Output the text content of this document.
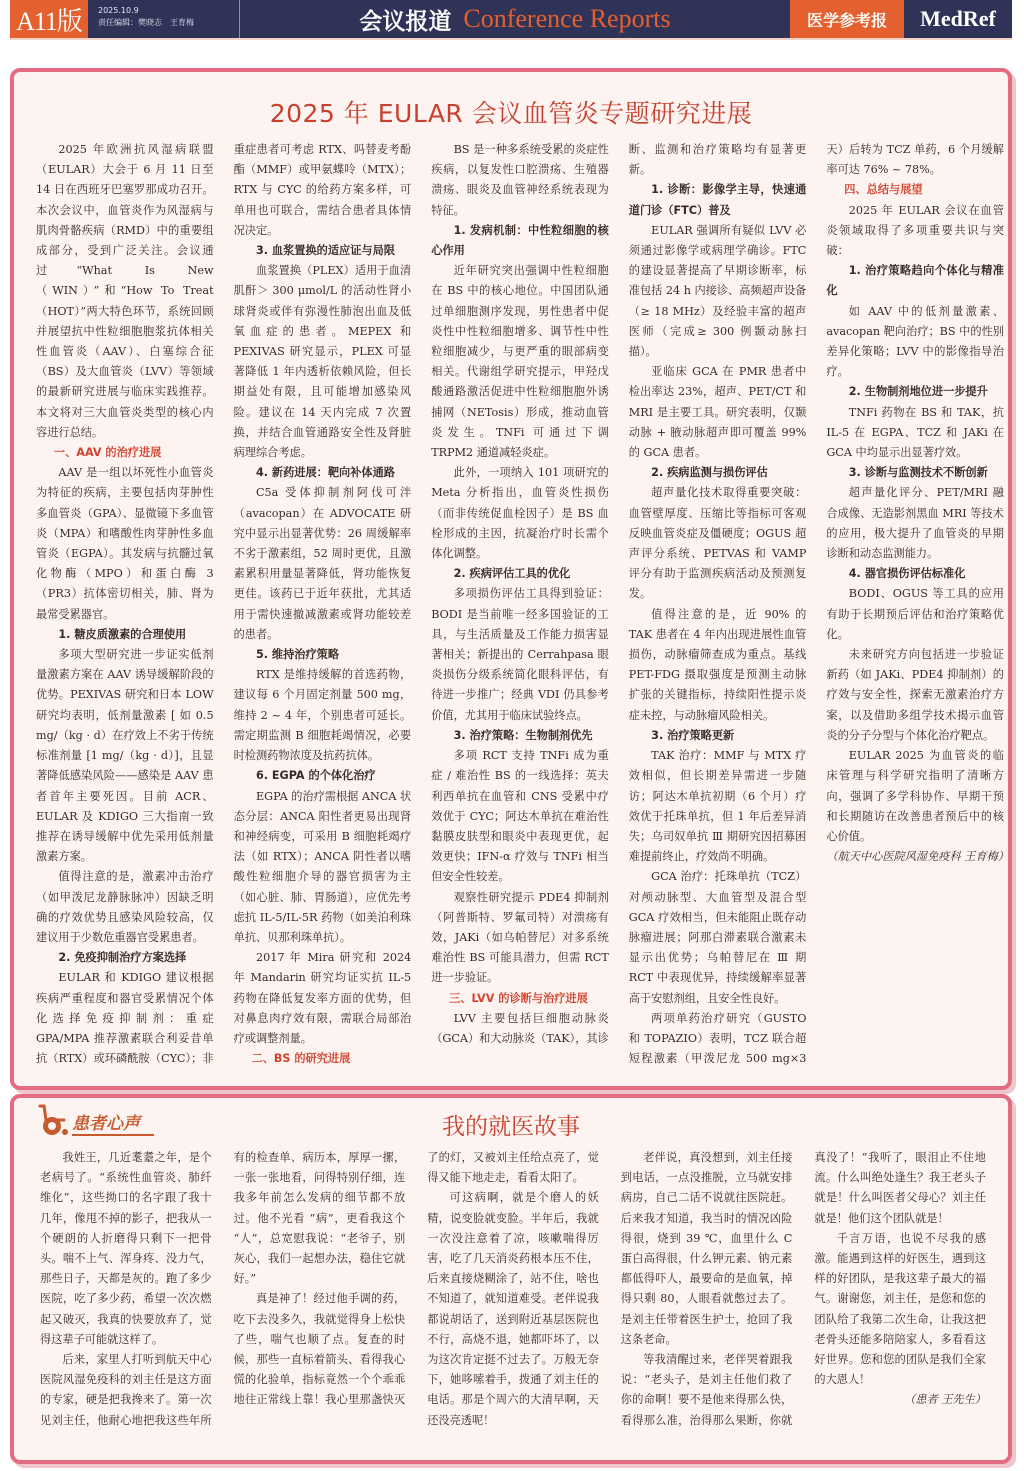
A11版	2025.10.9
责任编辑：樊晓志　王育梅	会议报道 Conference Reports	医学参考报	MedRef
2025 年 EULAR 会议血管炎专题研究进展

2025 年欧洲抗风湿病联盟（EULAR）大会于 6 月 11 日至 14 日在西班牙巴塞罗那成功召开。本次会议中，血管炎作为风湿病与肌肉骨骼疾病（RMD）中的重要组成部分，受到广泛关注。会议通过“What Is New（WIN）”和“How To Treat（HOT）”两大特色环节，系统回顾并展望抗中性粒细胞胞浆抗体相关性血管炎（AAV）、白塞综合征（BS）及大血管炎（LVV）等领域的最新研究进展与临床实践推荐。本文将对三大血管炎类型的核心内容进行总结。

一、AAV 的治疗进展

AAV 是一组以坏死性小血管炎为特征的疾病，主要包括肉芽肿性多血管炎（GPA）、显微镜下多血管炎（MPA）和嗜酸性肉芽肿性多血管炎（EGPA）。其发病与抗髓过氧化物酶（MPO）和蛋白酶 3（PR3）抗体密切相关，肺、肾为最常受累器官。

1. 糖皮质激素的合理使用

多项大型研究进一步证实低剂量激素方案在 AAV 诱导缓解阶段的优势。PEXIVAS 研究和日本 LOW 研究均表明，低剂量激素 [ 如 0.5 mg/（kg · d）在疗效上不劣于传统标准剂量 [1 mg/（kg · d）]，且显著降低感染风险——感染是 AAV 患者首年主要死因。目前 ACR、EULAR 及 KDIGO 三大指南一致推荐在诱导缓解中优先采用低剂量激素方案。

值得注意的是，激素冲击治疗（如甲泼尼龙静脉脉冲）因缺乏明确的疗效优势且感染风险较高，仅建议用于少数危重器官受累患者。

2. 免疫抑制治疗方案选择

EULAR 和 KDIGO 建议根据疾病严重程度和器官受累情况个体化选择免疫抑制剂：重症 GPA/MPA 推荐激素联合利妥昔单抗（RTX）或环磷酰胺（CYC）；非重症患者可考虑 RTX、吗替麦考酚酯（MMF）或甲氨蝶呤（MTX）；RTX 与 CYC 的给药方案多样，可单用也可联合，需结合患者具体情况决定。

3. 血浆置换的适应证与局限

血浆置换（PLEX）适用于血清肌酐＞ 300 μmol/L 的活动性肾小球肾炎或伴有弥漫性肺泡出血及低氧血症的患者。MEPEX 和 PEXIVAS 研究显示，PLEX 可显著降低 1 年内透析依赖风险，但长期益处有限，且可能增加感染风险。建议在 14 天内完成 7 次置换，并结合血管通路安全性及肾脏病理综合考虑。

4. 新药进展：靶向补体通路

C5a 受体抑制剂阿伐可泮（avacopan）在 ADVOCATE 研究中显示出显著优势：26 周缓解率不劣于激素组，52 周时更优，且激素累积用量显著降低，肾功能恢复更佳。该药已于近年获批，尤其适用于需快速撤减激素或肾功能较差的患者。

5. 维持治疗策略

RTX 是维持缓解的首选药物，建议每 6 个月固定剂量 500 mg，维持 2 ~ 4 年，个别患者可延长。需定期监测 B 细胞耗竭情况，必要时检测药物浓度及抗药抗体。

6. EGPA 的个体化治疗

EGPA 的治疗需根据 ANCA 状态分层：ANCA 阳性者更易出现肾和神经病变，可采用 B 细胞耗竭疗法（如 RTX）；ANCA 阴性者以嗜酸性粒细胞介导的器官损害为主（如心脏、肺、胃肠道），应优先考虑抗 IL-5/IL-5R 药物（如美泊利珠单抗、贝那利珠单抗）。

2017 年 Mira 研究和 2024 年 Mandarin 研究均证实抗 IL-5 药物在降低复发率方面的优势，但对鼻息肉疗效有限，需联合局部治疗或调整剂量。

二、BS 的研究进展

BS 是一种多系统受累的炎症性疾病，以复发性口腔溃疡、生殖器溃疡、眼炎及血管神经系统表现为特征。

1. 发病机制：中性粒细胞的核心作用

近年研究突出强调中性粒细胞在 BS 中的核心地位。中国团队通过单细胞测序发现，男性患者中促炎性中性粒细胞增多、调节性中性粒细胞减少，与更严重的眼部病变相关。代谢组学研究提示，甲羟戊酸通路激活促进中性粒细胞胞外诱捕网（NETosis）形成，推动血管炎发生。TNFi 可通过下调 TRPM2 通道减轻炎症。

此外，一项纳入 101 项研究的 Meta 分析指出，血管炎性损伤（而非传统促血栓因子）是 BS 血栓形成的主因，抗凝治疗时长需个体化调整。

2. 疾病评估工具的优化

多项损伤评估工具得到验证：BODI 是当前唯一经多国验证的工具，与生活质量及工作能力损害显著相关；新提出的 Cerrahpasa 眼炎损伤分级系统简化眼科评估，有待进一步推广；经典 VDI 仍具参考价值，尤其用于临床试验终点。

3. 治疗策略：生物制剂优先

多项 RCT 支持 TNFi 成为重症 / 难治性 BS 的一线选择：英夫利西单抗在血管和 CNS 受累中疗效优于 CYC；阿达木单抗在难治性黏膜皮肤型和眼炎中表现更优，起效更快；IFN-α 疗效与 TNFi 相当但安全性较差。

观察性研究提示 PDE4 抑制剂（阿普斯特、罗氟司特）对溃疡有效，JAKi（如乌帕替尼）对多系统难治性 BS 可能具潜力，但需 RCT 进一步验证。

三、LVV 的诊断与治疗进展

LVV 主要包括巨细胞动脉炎（GCA）和大动脉炎（TAK），其诊断、监测和治疗策略均有显著更新。

1. 诊断：影像学主导，快速通道门诊（FTC）普及

EULAR 强调所有疑似 LVV 必须通过影像学或病理学确诊。FTC 的建设显著提高了早期诊断率，标准包括 24 h 内接诊、高频超声设备（≥ 18 MHz）及经验丰富的超声医师（完成≥ 300 例颞动脉扫描）。

亚临床 GCA 在 PMR 患者中检出率达 23%，超声、PET/CT 和 MRI 是主要工具。研究表明，仅颞动脉 + 腋动脉超声即可覆盖 99% 的 GCA 患者。

2. 疾病监测与损伤评估

超声量化技术取得重要突破：血管壁厚度、压缩比等指标可客观反映血管炎症及僵硬度；OGUS 超声评分系统、PETVAS 和 VAMP 评分有助于监测疾病活动及预测复发。

值得注意的是，近 90% 的 TAK 患者在 4 年内出现进展性血管损伤，动脉瘤筛查成为重点。基线 PET-FDG 摄取强度是预测主动脉扩张的关键指标，持续阳性提示炎症未控，与动脉瘤风险相关。

3. 治疗策略更新

TAK 治疗：MMF 与 MTX 疗效相似，但长期差异需进一步随访；阿达木单抗初期（6 个月）疗效优于托珠单抗，但 1 年后差异消失；乌司奴单抗 Ⅲ 期研究因招募困难提前终止，疗效尚不明确。

GCA 治疗：托珠单抗（TCZ）对颅动脉型、大血管型及混合型 GCA 疗效相当，但未能阻止既存动脉瘤进展；阿那白滞素联合激素未显示出优势；乌帕替尼在 Ⅲ 期 RCT 中表现优异，持续缓解率显著高于安慰剂组，且安全性良好。

两项单药治疗研究（GUSTO 和 TOPAZIO）表明，TCZ 联合超短程激素（甲泼尼龙 500 mg×3 天）后转为 TCZ 单药，6 个月缓解率可达 76% ~ 78%。

四、总结与展望

2025 年 EULAR 会议在血管炎领域取得了多项重要共识与突破：

1. 治疗策略趋向个体化与精准化

如 AAV 中的低剂量激素、avacopan 靶向治疗；BS 中的性别差异化策略；LVV 中的影像指导治疗。

2. 生物制剂地位进一步提升

TNFi 药物在 BS 和 TAK，抗 IL-5 在 EGPA、TCZ 和 JAKi 在 GCA 中均显示出显著疗效。

3. 诊断与监测技术不断创新

超声量化评分、PET/MRI 融合成像、无造影剂黑血 MRI 等技术的应用，极大提升了血管炎的早期诊断和动态监测能力。

4. 器官损伤评估标准化

BODI、OGUS 等工具的应用有助于长期预后评估和治疗策略优化。

未来研究方向包括进一步验证新药（如 JAKi、PDE4 抑制剂）的疗效与安全性，探索无激素治疗方案，以及借助多组学技术揭示血管炎的分子分型与个体化治疗靶点。

EULAR 2025 为血管炎的临床管理与科学研究指明了清晰方向，强调了多学科协作、早期干预和长期随访在改善患者预后中的核心价值。

（航天中心医院风湿免疫科 王育梅）

患者心声	我的就医故事

我姓王，几近耄耋之年，是个老病号了。“系统性血管炎、肺纤维化”，这些拗口的名字跟了我十几年，像甩不掉的影子，把我从一个硬朗的人折磨得只剩下一把骨头。喘不上气、浑身疼、没力气，那些日子，天都是灰的。跑了多少医院，吃了多少药，希望一次次燃起又破灭，我真的快要放弃了，觉得这辈子可能就这样了。

后来，家里人打听到航天中心医院风湿免疫科的刘主任是这方面的专家，硬是把我搀来了。第一次见刘主任，他耐心地把我这些年所有的检查单、病历本，厚厚一摞，一张一张地看，问得特别仔细，连我多年前怎么发病的细节都不放过。他不光看 “病”，更看我这个 “人”，总宽慰我说：“老爷子，别灰心，我们一起想办法，稳住它就好。”

真是神了！经过他手调的药，吃下去没多久，我就觉得身上松快了些，喘气也顺了点。复查的时候，那些一直标着箭头、看得我心慌的化验单，指标竟然一个个乖乖地往正常线上靠！我心里那盏快灭了的灯，又被刘主任给点亮了，觉得又能下地走走，看看太阳了。

可这病啊，就是个磨人的妖精，说变脸就变脸。半年后，我就一次没注意着了凉，咳嗽喘得厉害，吃了几天消炎药根本压不住，后来直接烧糊涂了，站不住，啥也不知道了，就知道难受。老伴说我都说胡话了，送到附近基层医院也不行，高烧不退，她都吓坏了，以为这次肯定挺不过去了。万般无奈下，她哆嗦着手，拨通了刘主任的电话。那是个周六的大清早啊，天还没亮透呢！

老伴说，真没想到，刘主任接到电话，一点没推脱，立马就安排病房，自己二话不说就往医院赶。后来我才知道，我当时的情况凶险得很，烧到 39 ℃，血里什么 C 蛋白高得很，什么钾元素、钠元素都低得吓人，最要命的是血氧，掉得只剩 80，人眼看就憋过去了。是刘主任带着医生护士，抢回了我这条老命。

等我清醒过来，老伴哭着跟我说：“老头子，是刘主任他们救了你的命啊！要不是他来得那么快，看得那么准，治得那么果断，你就真没了！”我听了，眼泪止不住地流。什么叫绝处逢生？我王老头子就是！什么叫医者父母心？刘主任就是！他们这个团队就是！

千言万语，也说不尽我的感激。能遇到这样的好医生，遇到这样的好团队，是我这辈子最大的福气。谢谢您，刘主任，是您和您的团队给了我第二次生命，让我这把老骨头还能多陪陪家人，多看看这好世界。您和您的团队是我们全家的大恩人！

（患者 王先生）
